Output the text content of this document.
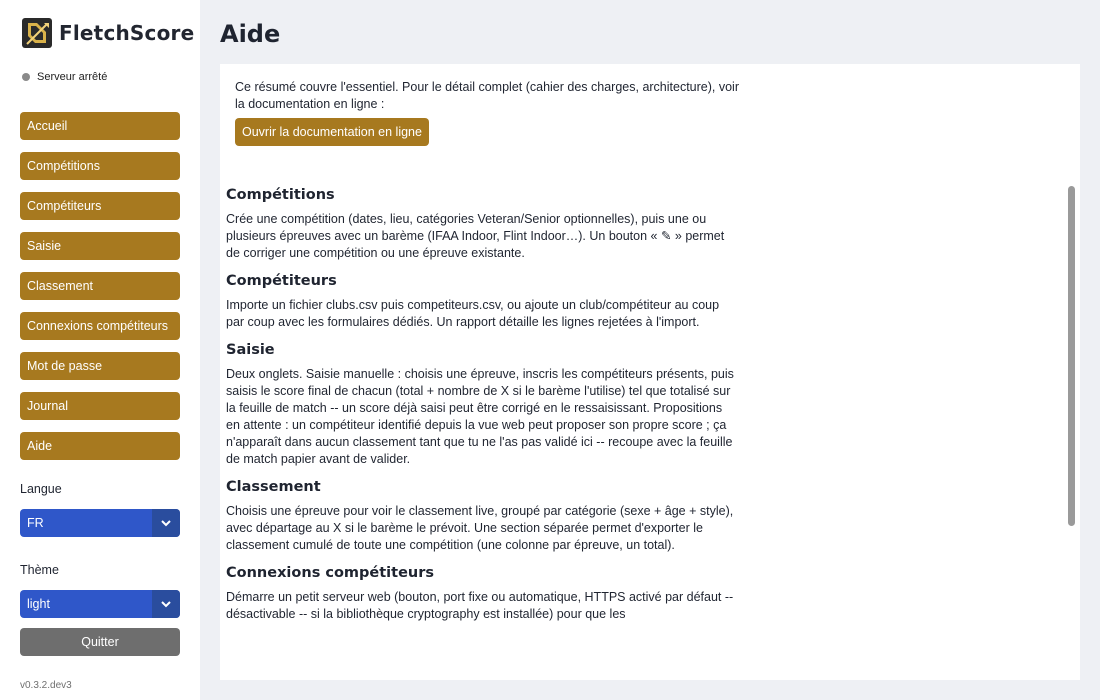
FletchScore
Serveur arrêté
Accueil
Compétitions
Compétiteurs
Saisie
Classement
Connexions compétiteurs
Mot de passe
Journal
Aide
Langue
FR
Thème
light
Quitter
v0.3.2.dev3
Aide
Ce résumé couvre l'essentiel. Pour le détail complet (cahier des charges, architecture), voir la documentation en ligne :
Ouvrir la documentation en ligne
Compétitions

Crée une compétition (dates, lieu, catégories Veteran/Senior optionnelles), puis une ou plusieurs épreuves avec un barème (IFAA Indoor, Flint Indoor…). Un bouton « ✎ » permet de corriger une compétition ou une épreuve existante.

Compétiteurs

Importe un fichier clubs.csv puis competiteurs.csv, ou ajoute un club/compétiteur au coup par coup avec les formulaires dédiés. Un rapport détaille les lignes rejetées à l'import.

Saisie

Deux onglets. Saisie manuelle : choisis une épreuve, inscris les compétiteurs présents, puis saisis le score final de chacun (total + nombre de X si le barème l'utilise) tel que totalisé sur la feuille de match -- un score déjà saisi peut être corrigé en le ressaisissant. Propositions en attente : un compétiteur identifié depuis la vue web peut proposer son propre score ; ça n'apparaît dans aucun classement tant que tu ne l'as pas validé ici -- recoupe avec la feuille de match papier avant de valider.

Classement

Choisis une épreuve pour voir le classement live, groupé par catégorie (sexe + âge + style), avec départage au X si le barème le prévoit. Une section séparée permet d'exporter le classement cumulé de toute une compétition (une colonne par épreuve, un total).

Connexions compétiteurs

Démarre un petit serveur web (bouton, port fixe ou automatique, HTTPS activé par défaut -- désactivable -- si la bibliothèque cryptography est installée) pour que les
